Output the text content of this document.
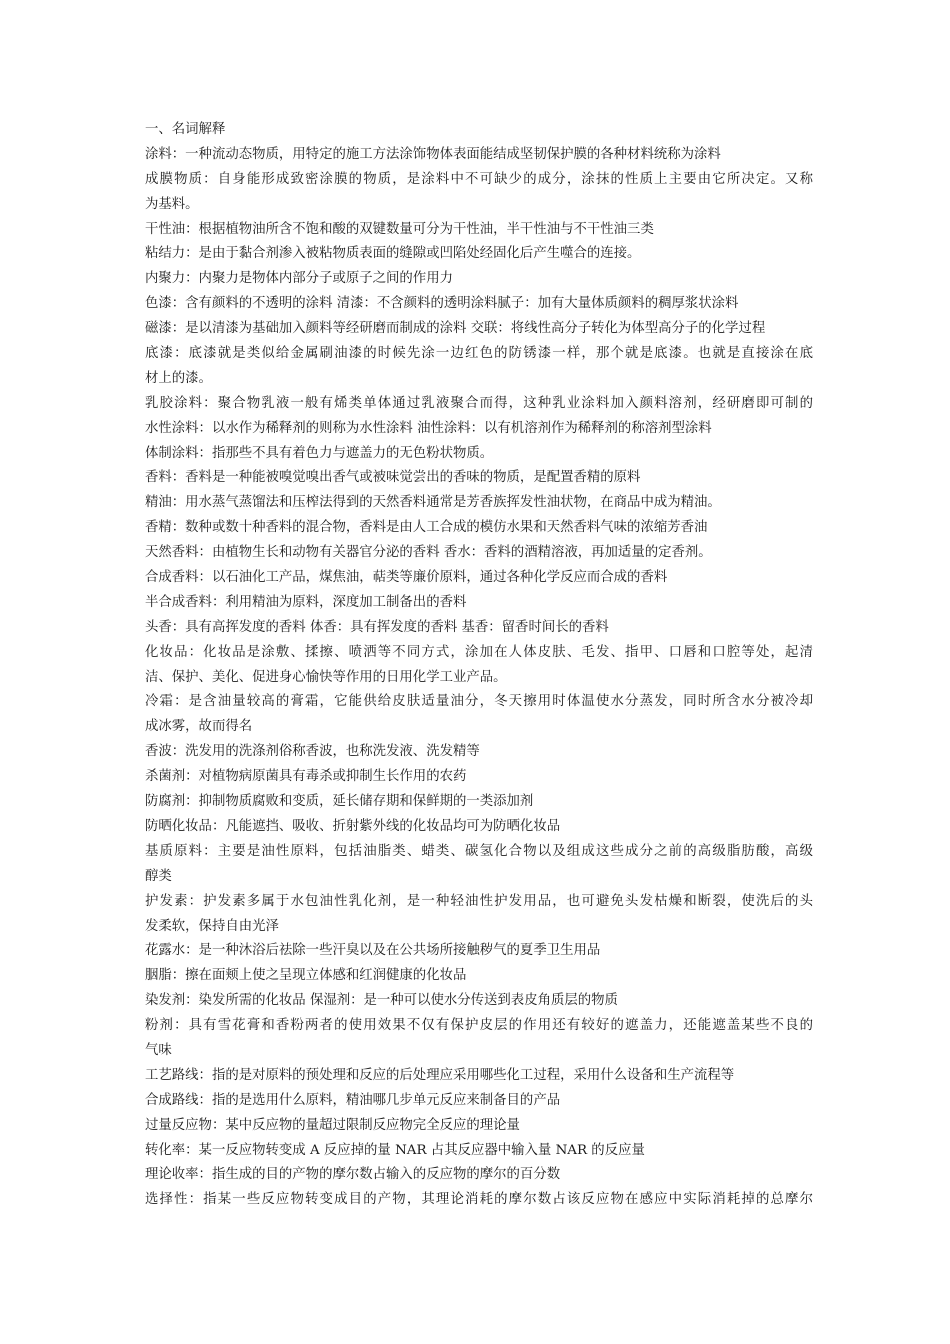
一、名词解释
涂料：一种流动态物质，用特定的施工方法涂饰物体表面能结成坚韧保护膜的各种材料统称为涂料
成膜物质：自身能形成致密涂膜的物质，是涂料中不可缺少的成分，涂抹的性质上主要由它所决定。又称
为基料。
干性油：根据植物油所含不饱和酸的双键数量可分为干性油，半干性油与不干性油三类
粘结力：是由于黏合剂渗入被粘物质表面的缝隙或凹陷处经固化后产生噬合的连接。
内聚力：内聚力是物体内部分子或原子之间的作用力
色漆：含有颜料的不透明的涂料 清漆：不含颜料的透明涂料腻子：加有大量体质颜料的稠厚浆状涂料
磁漆：是以清漆为基础加入颜料等经研磨而制成的涂料 交联：将线性高分子转化为体型高分子的化学过程
底漆：底漆就是类似给金属刷油漆的时候先涂一边红色的防锈漆一样，那个就是底漆。也就是直接涂在底
材上的漆。
乳胶涂料：聚合物乳液一般有烯类单体通过乳液聚合而得，这种乳业涂料加入颜料溶剂，经研磨即可制的
水性涂料：以水作为稀释剂的则称为水性涂料 油性涂料：以有机溶剂作为稀释剂的称溶剂型涂料
体制涂料：指那些不具有着色力与遮盖力的无色粉状物质。
香料：香料是一种能被嗅觉嗅出香气或被味觉尝出的香味的物质，是配置香精的原料
精油：用水蒸气蒸馏法和压榨法得到的天然香料通常是芳香族挥发性油状物，在商品中成为精油。
香精：数种或数十种香料的混合物，香料是由人工合成的模仿水果和天然香料气味的浓缩芳香油
天然香料：由植物生长和动物有关器官分泌的香料 香水：香料的酒精溶液，再加适量的定香剂。
合成香料：以石油化工产品，煤焦油，萜类等廉价原料，通过各种化学反应而合成的香料
半合成香料：利用精油为原料，深度加工制备出的香料
头香：具有高挥发度的香料 体香：具有挥发度的香料 基香：留香时间长的香料
化妆品：化妆品是涂敷、揉擦、喷洒等不同方式，涂加在人体皮肤、毛发、指甲、口唇和口腔等处，起清
洁、保护、美化、促进身心愉快等作用的日用化学工业产品。
冷霜：是含油量较高的膏霜，它能供给皮肤适量油分，冬天擦用时体温使水分蒸发，同时所含水分被冷却
成冰雾，故而得名
香波：洗发用的洗涤剂俗称香波，也称洗发液、洗发精等
杀菌剂：对植物病原菌具有毒杀或抑制生长作用的农药
防腐剂：抑制物质腐败和变质，延长储存期和保鲜期的一类添加剂
防晒化妆品：凡能遮挡、吸收、折射紫外线的化妆品均可为防晒化妆品
基质原料：主要是油性原料，包括油脂类、蜡类、碳氢化合物以及组成这些成分之前的高级脂肪酸，高级
醇类
护发素：护发素多属于水包油性乳化剂，是一种轻油性护发用品，也可避免头发枯燥和断裂，使洗后的头
发柔软，保持自由光泽
花露水：是一种沐浴后祛除一些汗臭以及在公共场所接触秽气的夏季卫生用品
胭脂：擦在面颊上使之呈现立体感和红润健康的化妆品
染发剂：染发所需的化妆品 保湿剂：是一种可以使水分传送到表皮角质层的物质
粉剂：具有雪花膏和香粉两者的使用效果不仅有保护皮层的作用还有较好的遮盖力，还能遮盖某些不良的
气味
工艺路线：指的是对原料的预处理和反应的后处理应采用哪些化工过程，采用什么设备和生产流程等
合成路线：指的是选用什么原料，精油哪几步单元反应来制备目的产品
过量反应物：某中反应物的量超过限制反应物完全反应的理论量
转化率：某一反应物转变成 A 反应掉的量 NAR 占其反应器中输入量 NAR 的反应量
理论收率：指生成的目的产物的摩尔数占输入的反应物的摩尔的百分数
选择性：指某一些反应物转变成目的产物，其理论消耗的摩尔数占该反应物在感应中实际消耗掉的总摩尔
